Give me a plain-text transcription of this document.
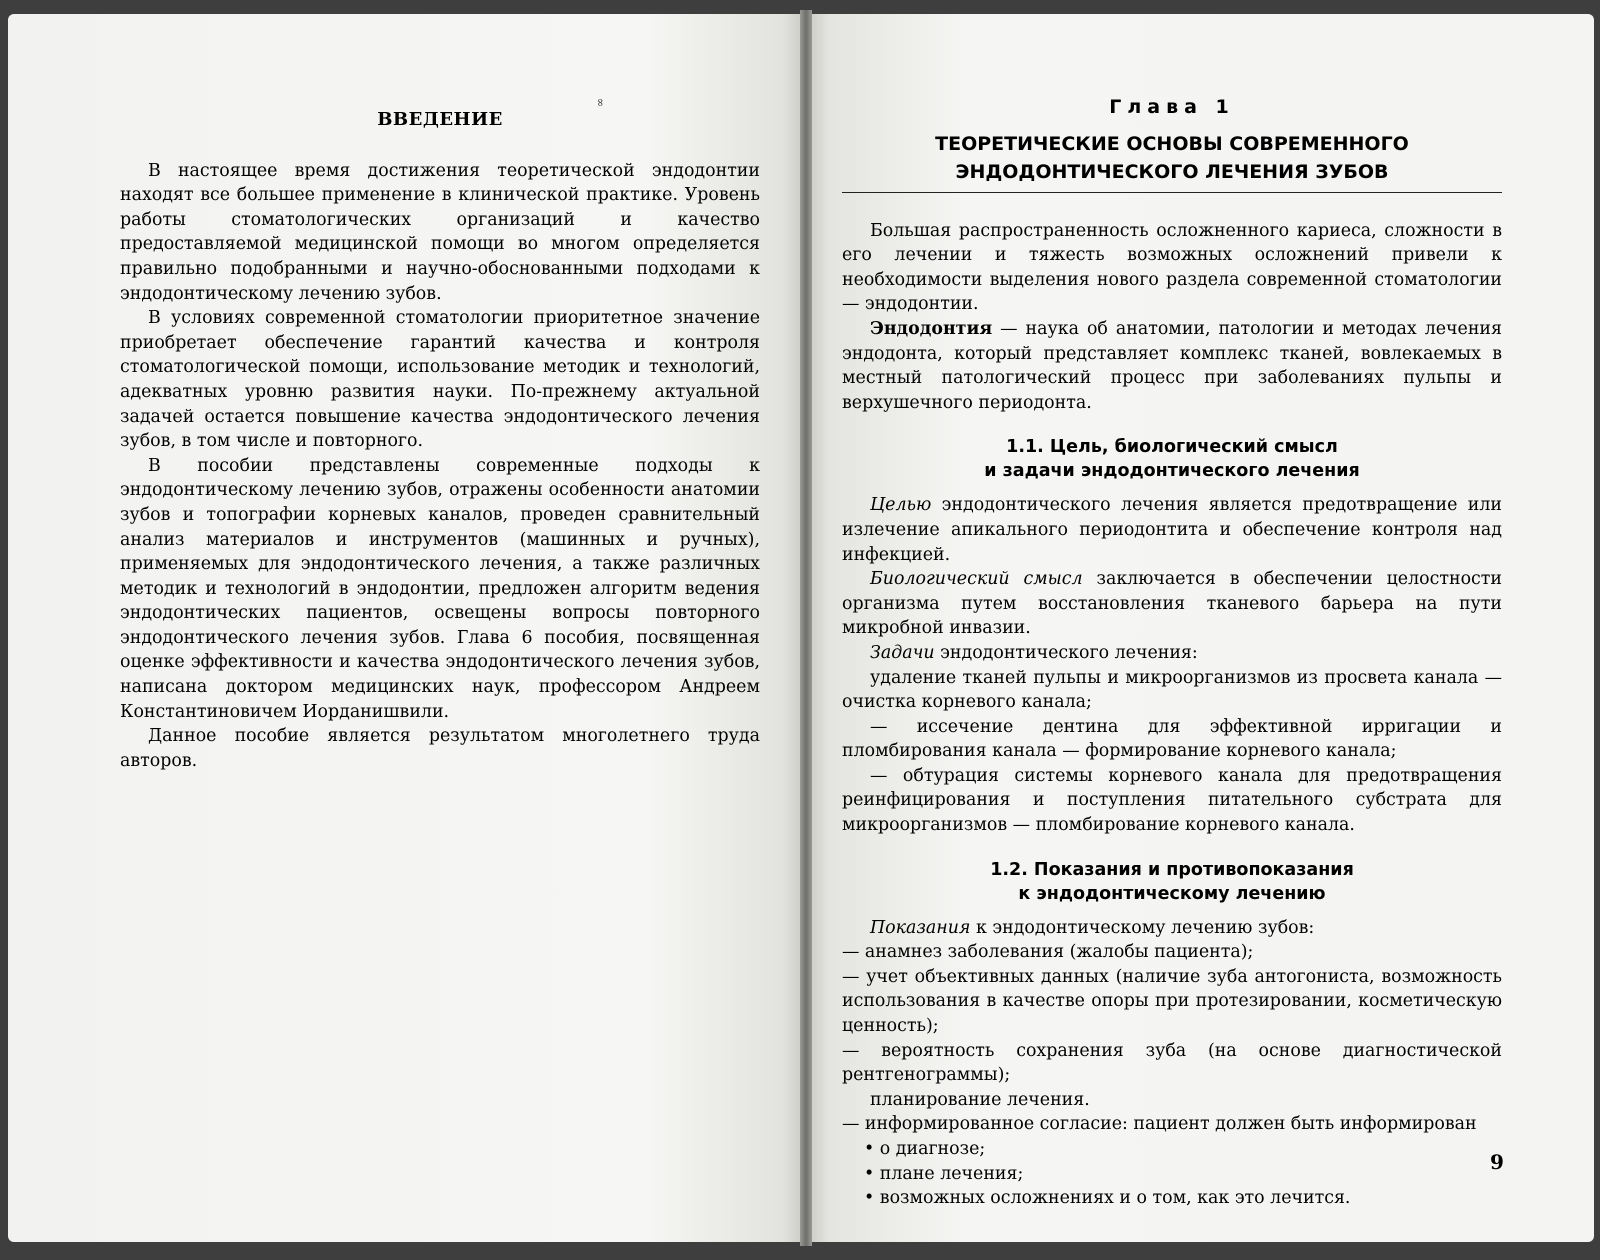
∞
ВВЕДЕНИЕ

В настоящее время достижения теоретической эндодонтии находят все большее применение в клинической практике. Уровень работы стоматологических организаций и качество предоставляемой медицинской помощи во многом определяется правильно подобранными и научно-обоснованными подходами к эндодонтическому лечению зубов.

В условиях современной стоматологии приоритетное значение приобретает обеспечение гарантий качества и контроля стоматологической помощи, использование методик и технологий, адекватных уровню развития науки. По-прежнему актуальной задачей остается повышение качества эндодонтического лечения зубов, в том числе и повторного.

В пособии представлены современные подходы к эндодонтическому лечению зубов, отражены особенности анатомии зубов и топографии корневых каналов, проведен сравнительный анализ материалов и инструментов (машинных и ручных), применяемых для эндодонтического лечения, а также различных методик и технологий в эндодонтии, предложен алгоритм ведения эндодонтических пациентов, освещены вопросы повторного эндодонтического лечения зубов. Глава 6 пособия, посвященная оценке эффективности и качества эндодонтического лечения зубов, написана доктором медицинских наук, профессором Андреем Константиновичем Иорданишвили.

Данное пособие является результатом многолетнего труда авторов.

Глава 1
ТЕОРЕТИЧЕСКИЕ ОСНОВЫ СОВРЕМЕННОГО
ЭНДОДОНТИЧЕСКОГО ЛЕЧЕНИЯ ЗУБОВ

Большая распространенность осложненного кариеса, сложности в его лечении и тяжесть возможных осложнений привели к необходимости выделения нового раздела современной стоматологии — эндодонтии.

Эндодонтия — наука об анатомии, патологии и методах лечения эндодонта, который представляет комплекс тканей, вовлекаемых в местный патологический процесс при заболеваниях пульпы и верхушечного периодонта.

1.1. Цель, биологический смысл
и задачи эндодонтического лечения

Целью эндодонтического лечения является предотвращение или излечение апикального периодонтита и обеспечение контроля над инфекцией.

Биологический смысл заключается в обеспечении целостности организма путем восстановления тканевого барьера на пути микробной инвазии.

Задачи эндодонтического лечения:

удаление тканей пульпы и микроорганизмов из просвета канала — очистка корневого канала;

— иссечение дентина для эффективной ирригации и пломбирования канала — формирование корневого канала;

— обтурация системы корневого канала для предотвращения реинфицирования и поступления питательного субстрата для микроорганизмов — пломбирование корневого канала.

1.2. Показания и противопоказания
к эндодонтическому лечению

Показания к эндодонтическому лечению зубов:

— анамнез заболевания (жалобы пациента);

— учет объективных данных (наличие зуба антогониста, возможность использования в качестве опоры при протезировании, косметическую ценность);

— вероятность сохранения зуба (на основе диагностической рентгенограммы);

планирование лечения.

— информированное согласие: пациент должен быть информирован

• о диагнозе;

• плане лечения;

• возможных осложнениях и о том, как это лечится.

9
